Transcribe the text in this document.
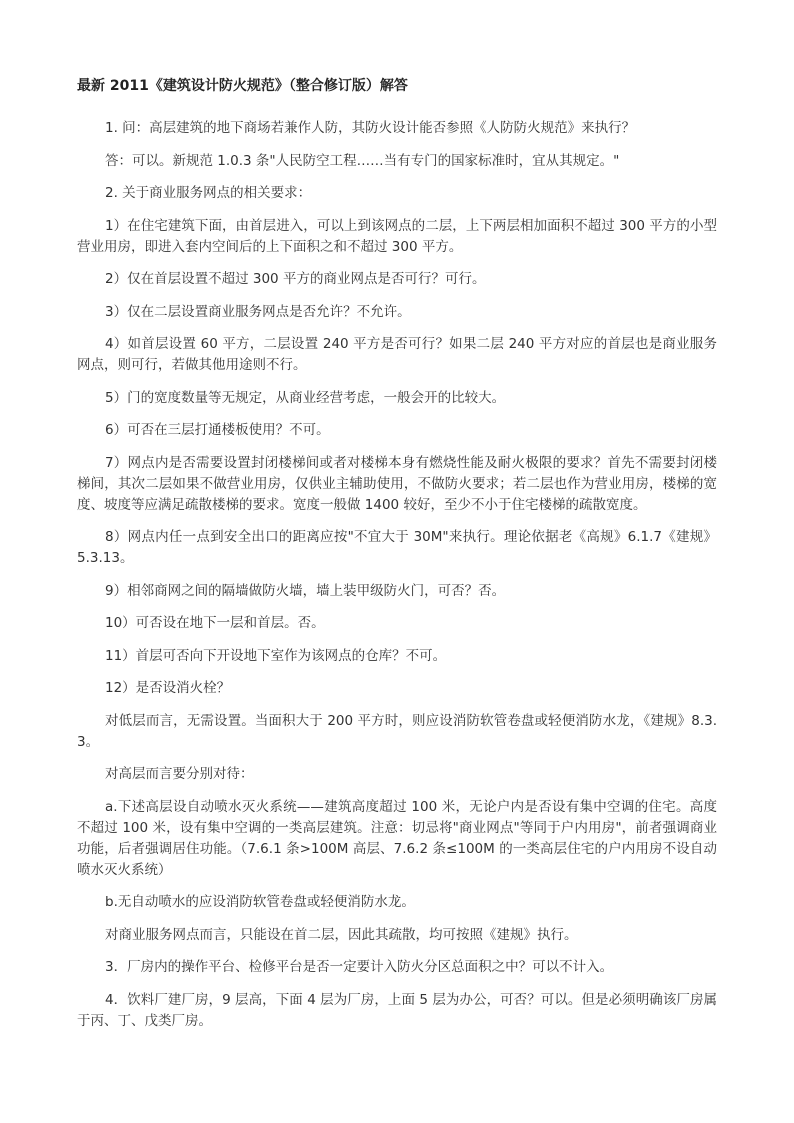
最新 2011《建筑设计防火规范》（整合修订版）解答

1. 问：高层建筑的地下商场若兼作人防，其防火设计能否参照《人防防火规范》来执行？

答：可以。新规范 1.0.3 条"人民防空工程……当有专门的国家标准时，宜从其规定。"

2. 关于商业服务网点的相关要求：

1）在住宅建筑下面，由首层进入，可以上到该网点的二层，上下两层相加面积不超过 300 平方的小型营业用房，即进入套内空间后的上下面积之和不超过 300 平方。

2）仅在首层设置不超过 300 平方的商业网点是否可行？可行。

3）仅在二层设置商业服务网点是否允许？不允许。

4）如首层设置 60 平方，二层设置 240 平方是否可行？如果二层 240 平方对应的首层也是商业服务网点，则可行，若做其他用途则不行。

5）门的宽度数量等无规定，从商业经营考虑，一般会开的比较大。

6）可否在三层打通楼板使用？不可。

7）网点内是否需要设置封闭楼梯间或者对楼梯本身有燃烧性能及耐火极限的要求？首先不需要封闭楼梯间，其次二层如果不做营业用房，仅供业主辅助使用，不做防火要求；若二层也作为营业用房，楼梯的宽度、坡度等应满足疏散楼梯的要求。宽度一般做 1400 较好，至少不小于住宅楼梯的疏散宽度。

8）网点内任一点到安全出口的距离应按"不宜大于 30M"来执行。理论依据老《高规》6.1.7《建规》5.3.13。

9）相邻商网之间的隔墙做防火墙，墙上装甲级防火门，可否？否。

10）可否设在地下一层和首层。否。

11）首层可否向下开设地下室作为该网点的仓库？不可。

12）是否设消火栓？

对低层而言，无需设置。当面积大于 200 平方时，则应设消防软管卷盘或轻便消防水龙，《建规》8.3.3。

对高层而言要分别对待：

a.下述高层设自动喷水灭火系统——建筑高度超过 100 米，无论户内是否设有集中空调的住宅。高度不超过 100 米，设有集中空调的一类高层建筑。注意：切忌将"商业网点"等同于户内用房"，前者强调商业功能，后者强调居住功能。（7.6.1 条>100M 高层、7.6.2 条≤100M 的一类高层住宅的户内用房不设自动喷水灭火系统）

b.无自动喷水的应设消防软管卷盘或轻便消防水龙。

对商业服务网点而言，只能设在首二层，因此其疏散，均可按照《建规》执行。

3．厂房内的操作平台、检修平台是否一定要计入防火分区总面积之中？可以不计入。

4．饮料厂建厂房，9 层高，下面 4 层为厂房，上面 5 层为办公，可否？可以。但是必须明确该厂房属于丙、丁、戊类厂房。
